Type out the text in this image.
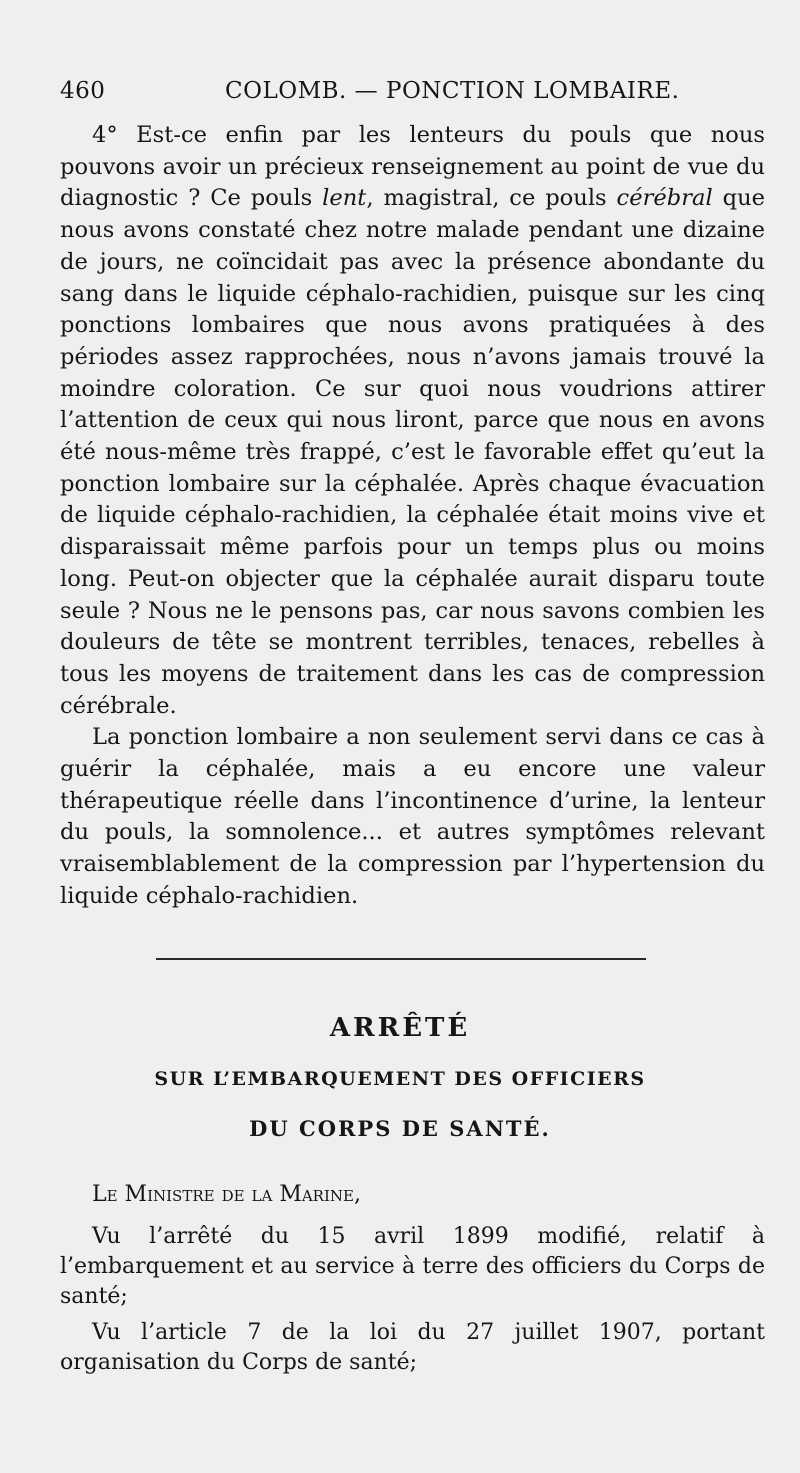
460	COLOMB. — PONCTION LOMBAIRE.

4° Est-ce enfin par les lenteurs du pouls que nous pouvons avoir un précieux renseignement au point de vue du diagnostic ? Ce pouls lent, magistral, ce pouls cérébral que nous avons constaté chez notre malade pendant une dizaine de jours, ne coïncidait pas avec la présence abondante du sang dans le liquide céphalo-rachidien, puisque sur les cinq ponctions lombaires que nous avons pratiquées à des périodes assez rapprochées, nous n’avons jamais trouvé la moindre coloration. Ce sur quoi nous voudrions attirer l’attention de ceux qui nous liront, parce que nous en avons été nous-même très frappé, c’est le favorable effet qu’eut la ponction lombaire sur la céphalée. Après chaque évacuation de liquide céphalo-rachidien, la céphalée était moins vive et disparaissait même parfois pour un temps plus ou moins long. Peut-on objecter que la céphalée aurait disparu toute seule ? Nous ne le pensons pas, car nous savons combien les douleurs de tête se montrent terribles, tenaces, rebelles à tous les moyens de traitement dans les cas de compression cérébrale.

La ponction lombaire a non seulement servi dans ce cas à guérir la céphalée, mais a eu encore une valeur thérapeutique réelle dans l’incontinence d’urine, la lenteur du pouls, la somnolence... et autres symptômes relevant vraisemblablement de la compression par l’hypertension du liquide céphalo-rachidien.

ARRÊTÉ
SUR L’EMBARQUEMENT DES OFFICIERS
DU CORPS DE SANTÉ.

Le Ministre de la Marine,

Vu l’arrêté du 15 avril 1899 modifié, relatif à l’embarquement et au service à terre des officiers du Corps de santé;

Vu l’article 7 de la loi du 27 juillet 1907, portant organisation du Corps de santé;
